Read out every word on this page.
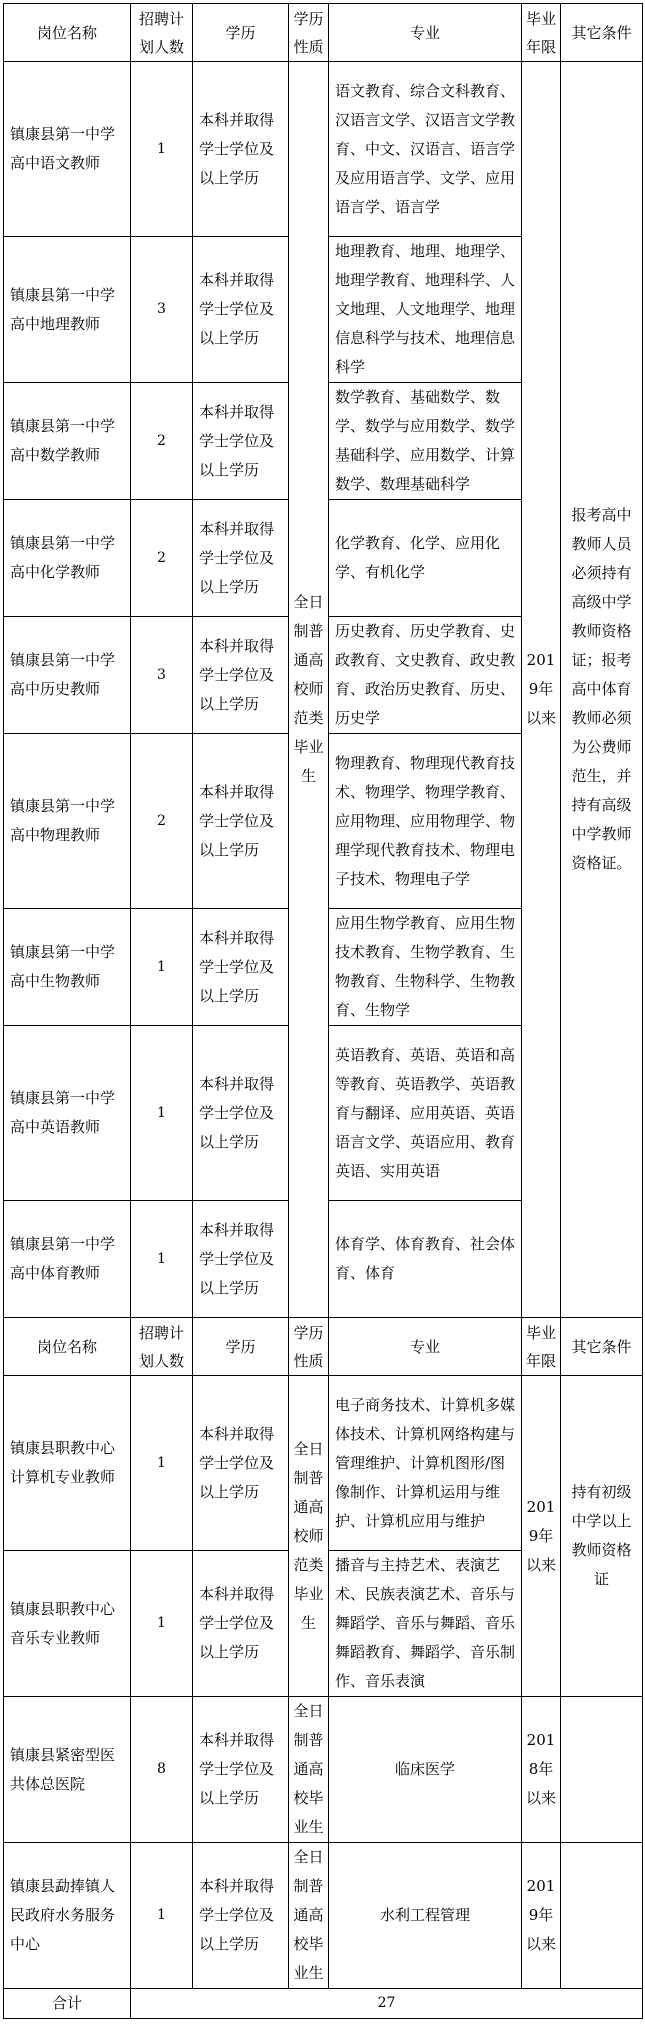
岗位名称	招聘计划人数	学历	学历性质	专业	毕业年限	其它条件
镇康县第一中学高中语文教师	1	本科并取得学士学位及以上学历	全日制普通高校师范类毕业生	语文教育、综合文科教育、汉语言文学、汉语言文学教育、中文、汉语言、语言学及应用语言学、文学、应用语言学、语言学	2019年以来	报考高中教师人员必须持有高级中学教师资格证；报考高中体育教师必须为公费师范生，并持有高级中学教师资格证。
镇康县第一中学高中地理教师	3	本科并取得学士学位及以上学历		地理教育、地理、地理学、地理学教育、地理科学、人文地理、人文地理学、地理信息科学与技术、地理信息科学		
镇康县第一中学高中数学教师	2	本科并取得学士学位及以上学历		数学教育、基础数学、数学、数学与应用数学、数学基础科学、应用数学、计算数学、数理基础科学		
镇康县第一中学高中化学教师	2	本科并取得学士学位及以上学历		化学教育、化学、应用化学、有机化学		
镇康县第一中学高中历史教师	3	本科并取得学士学位及以上学历		历史教育、历史学教育、史政教育、文史教育、政史教育、政治历史教育、历史、历史学		
镇康县第一中学高中物理教师	2	本科并取得学士学位及以上学历		物理教育、物理现代教育技术、物理学、物理学教育、应用物理、应用物理学、物理学现代教育技术、物理电子技术、物理电子学		
镇康县第一中学高中生物教师	1	本科并取得学士学位及以上学历		应用生物学教育、应用生物技术教育、生物学教育、生物教育、生物科学、生物教育、生物学		
镇康县第一中学高中英语教师	1	本科并取得学士学位及以上学历		英语教育、英语、英语和高等教育、英语教学、英语教育与翻译、应用英语、英语语言文学、英语应用、教育英语、实用英语		
镇康县第一中学高中体育教师	1	本科并取得学士学位及以上学历		体育学、体育教育、社会体育、体育		
岗位名称	招聘计划人数	学历	学历性质	专业	毕业年限	其它条件
镇康县职教中心计算机专业教师	1	本科并取得学士学位及以上学历	全日制普通高校师范类毕业生	电子商务技术、计算机多媒体技术、计算机网络构建与管理维护、计算机图形/图像制作、计算机运用与维护、计算机应用与维护	2019年以来	持有初级中学以上教师资格证
镇康县职教中心音乐专业教师	1	本科并取得学士学位及以上学历		播音与主持艺术、表演艺术、民族表演艺术、音乐与舞蹈学、音乐与舞蹈、音乐舞蹈教育、舞蹈学、音乐制作、音乐表演		
镇康县紧密型医共体总医院	8	本科并取得学士学位及以上学历	全日制普通高校毕业生	临床医学	2018年以来	
镇康县勐捧镇人民政府水务服务中心	1	本科并取得学士学位及以上学历	全日制普通高校毕业生	水利工程管理	2019年以来	
合计	27					
